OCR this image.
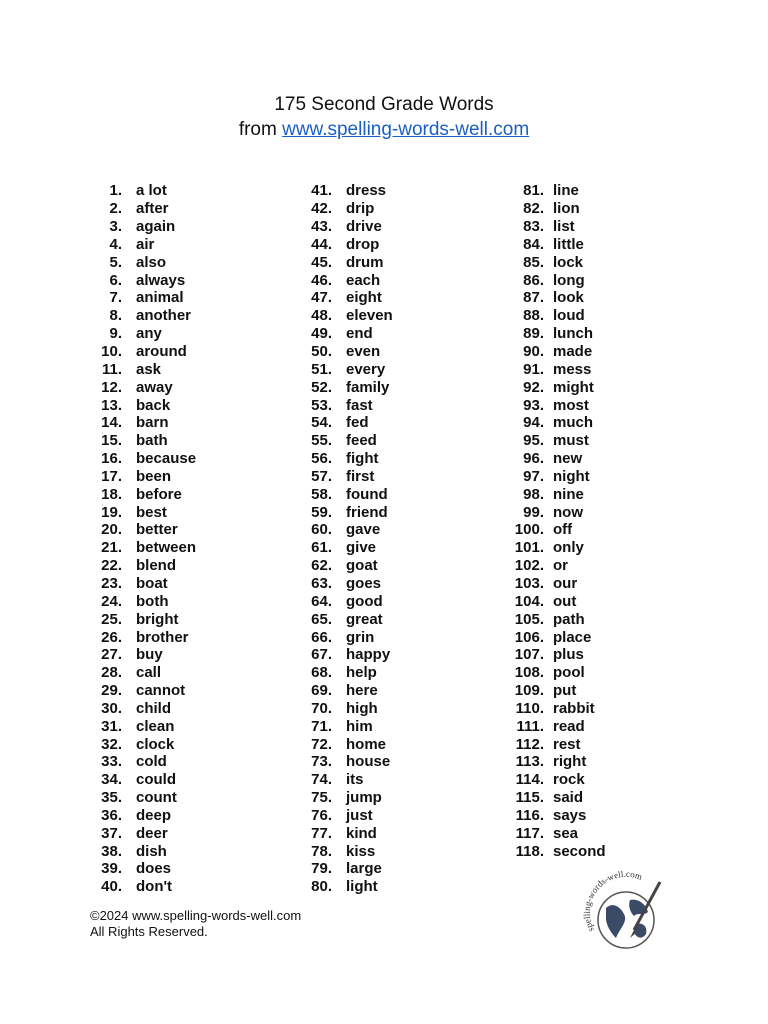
175 Second Grade Words
from www.spelling-words-well.com
1. a lot
2. after
3. again
4. air
5. also
6. always
7. animal
8. another
9. any
10. around
11. ask
12. away
13. back
14. barn
15. bath
16. because
17. been
18. before
19. best
20. better
21. between
22. blend
23. boat
24. both
25. bright
26. brother
27. buy
28. call
29. cannot
30. child
31. clean
32. clock
33. cold
34. could
35. count
36. deep
37. deer
38. dish
39. does
40. don't
41. dress
42. drip
43. drive
44. drop
45. drum
46. each
47. eight
48. eleven
49. end
50. even
51. every
52. family
53. fast
54. fed
55. feed
56. fight
57. first
58. found
59. friend
60. gave
61. give
62. goat
63. goes
64. good
65. great
66. grin
67. happy
68. help
69. here
70. high
71. him
72. home
73. house
74. its
75. jump
76. just
77. kind
78. kiss
79. large
80. light
81. line
82. lion
83. list
84. little
85. lock
86. long
87. look
88. loud
89. lunch
90. made
91. mess
92. might
93. most
94. much
95. must
96. new
97. night
98. nine
99. now
100. off
101. only
102. or
103. our
104. out
105. path
106. place
107. plus
108. pool
109. put
110. rabbit
111. read
112. rest
113. right
114. rock
115. said
116. says
117. sea
118. second
©2024 www.spelling-words-well.com
All Rights Reserved.	spelling-words-well.com
